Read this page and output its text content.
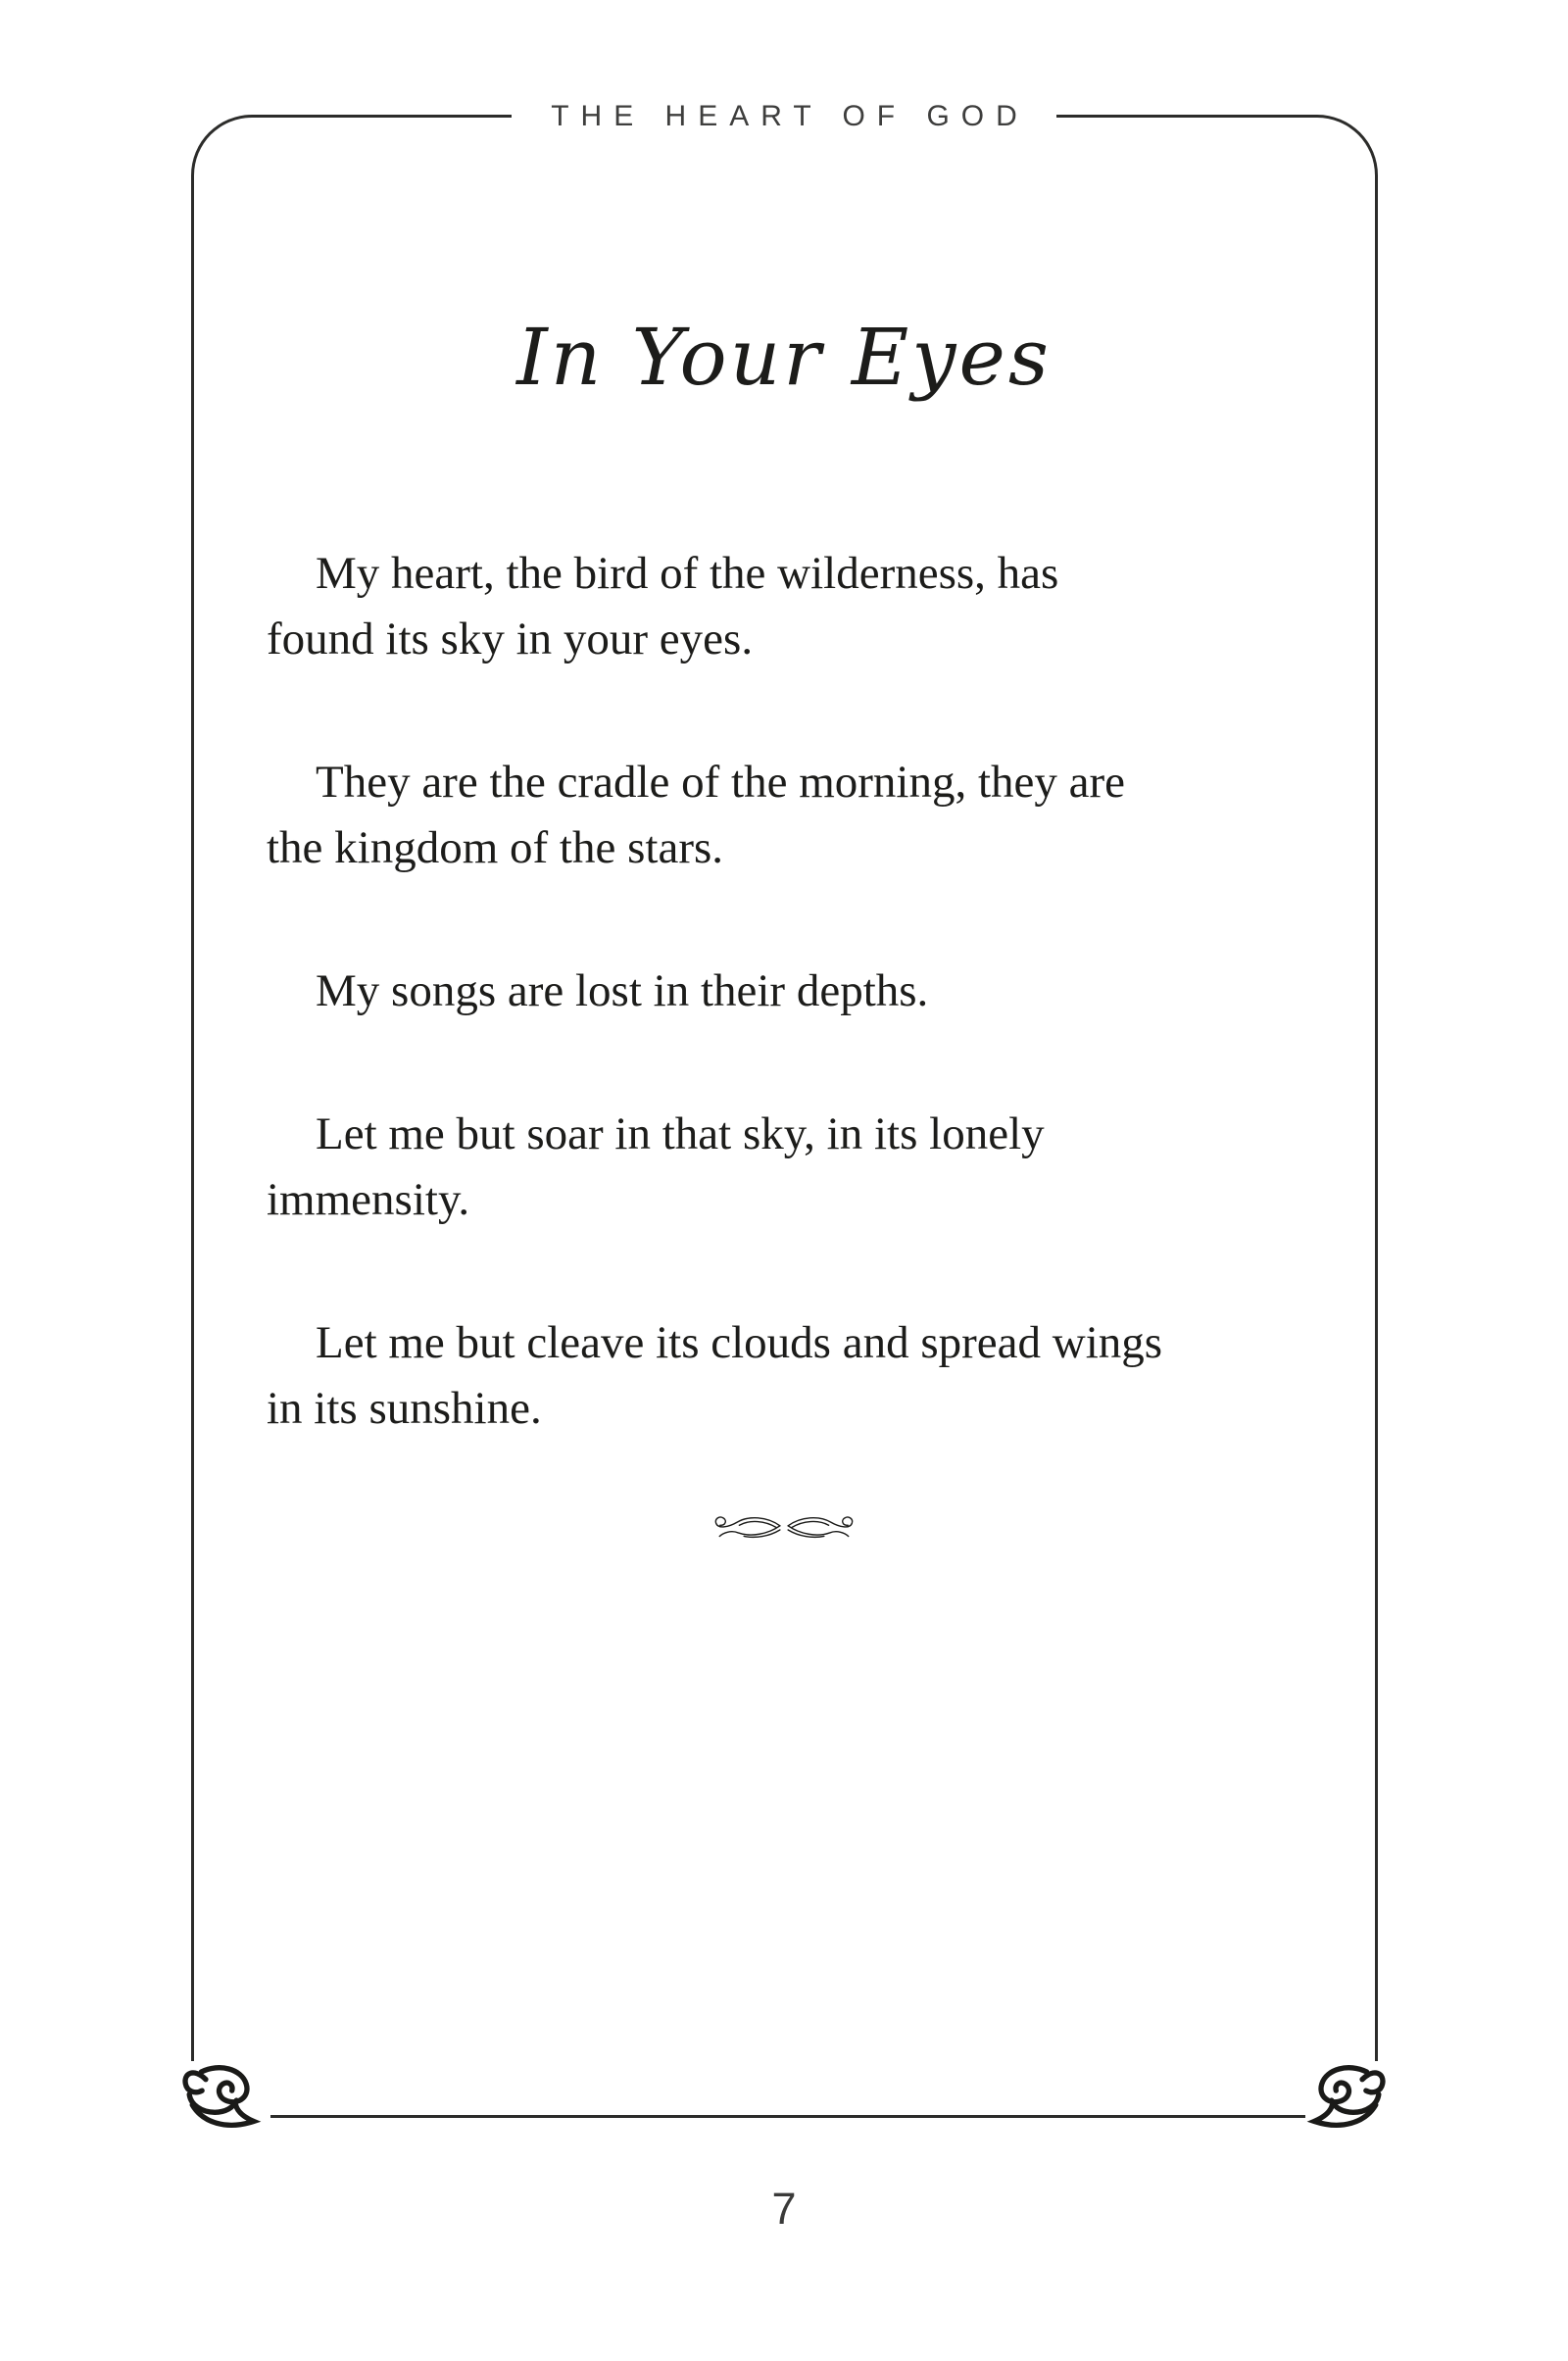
THE HEART OF GOD
In Your Eyes
My heart, the bird of the wilderness, has
found its sky in your eyes.
They are the cradle of the morning, they are
the kingdom of the stars.
My songs are lost in their depths.
Let me but soar in that sky, in its lonely
immensity.
Let me but cleave its clouds and spread wings
in its sunshine.
7
